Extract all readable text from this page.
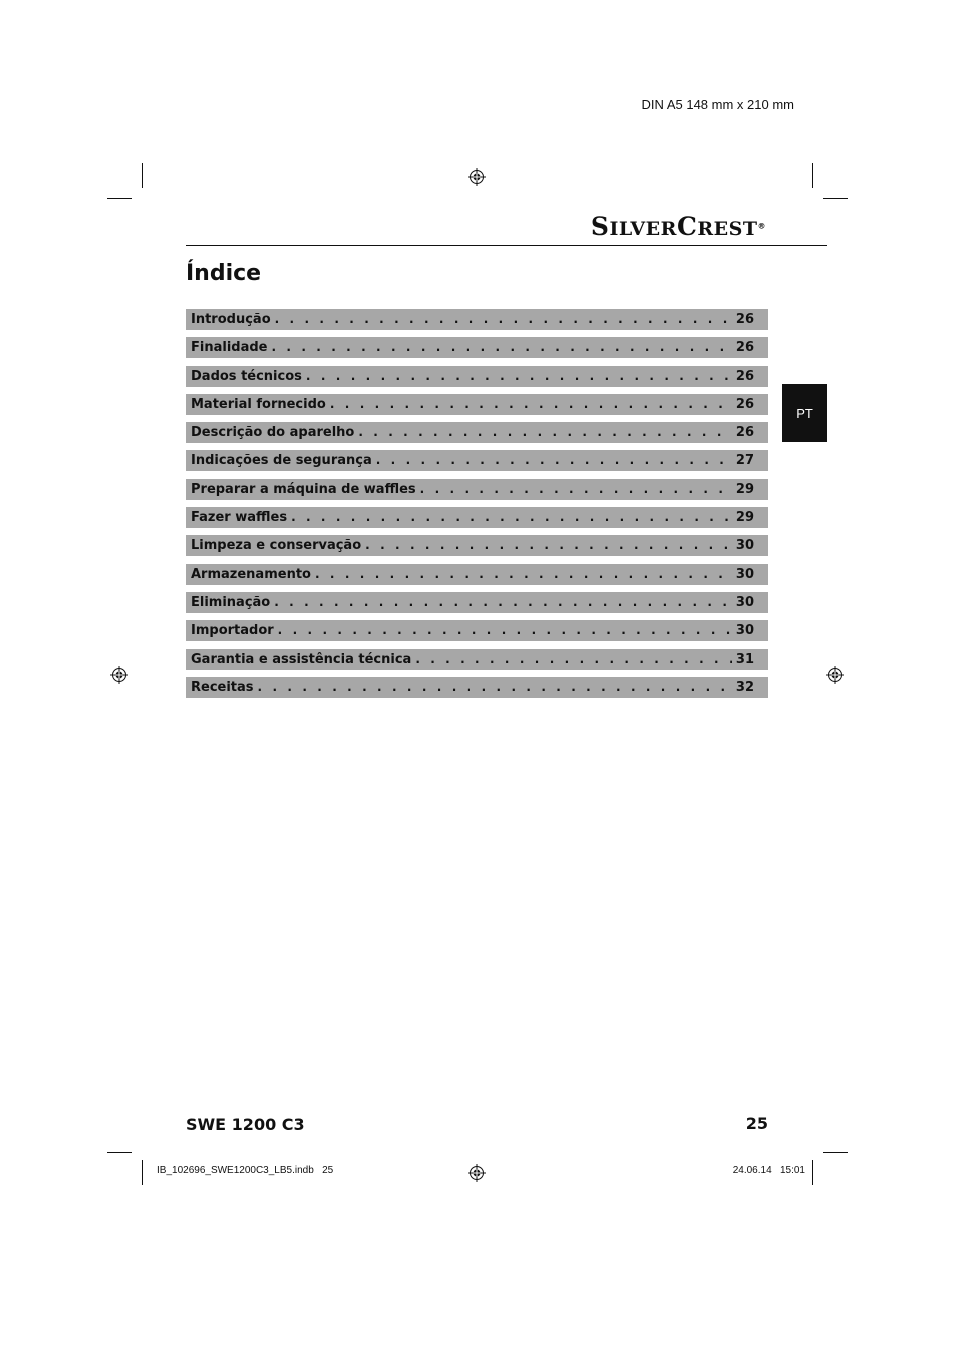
DIN A5 148 mm x 210 mm
SILVERCREST®
Índice
Introdução . . .	26
Finalidade . . .	26
Dados técnicos . . .	26
Material fornecido . . .	26
Descrição do aparelho . . .	26
Indicações de segurança . . .	27
Preparar a máquina de waffles . . .	29
Fazer waffles . . .	29
Limpeza e conservação . . .	30
Armazenamento . . .	30
Eliminação . . .	30
Importador . . .	30
Garantia e assistência técnica . . .	31
Receitas . . .	32
PT
SWE 1200 C3	25
IB_102696_SWE1200C3_LB5.indb   25	24.06.14   15:01
